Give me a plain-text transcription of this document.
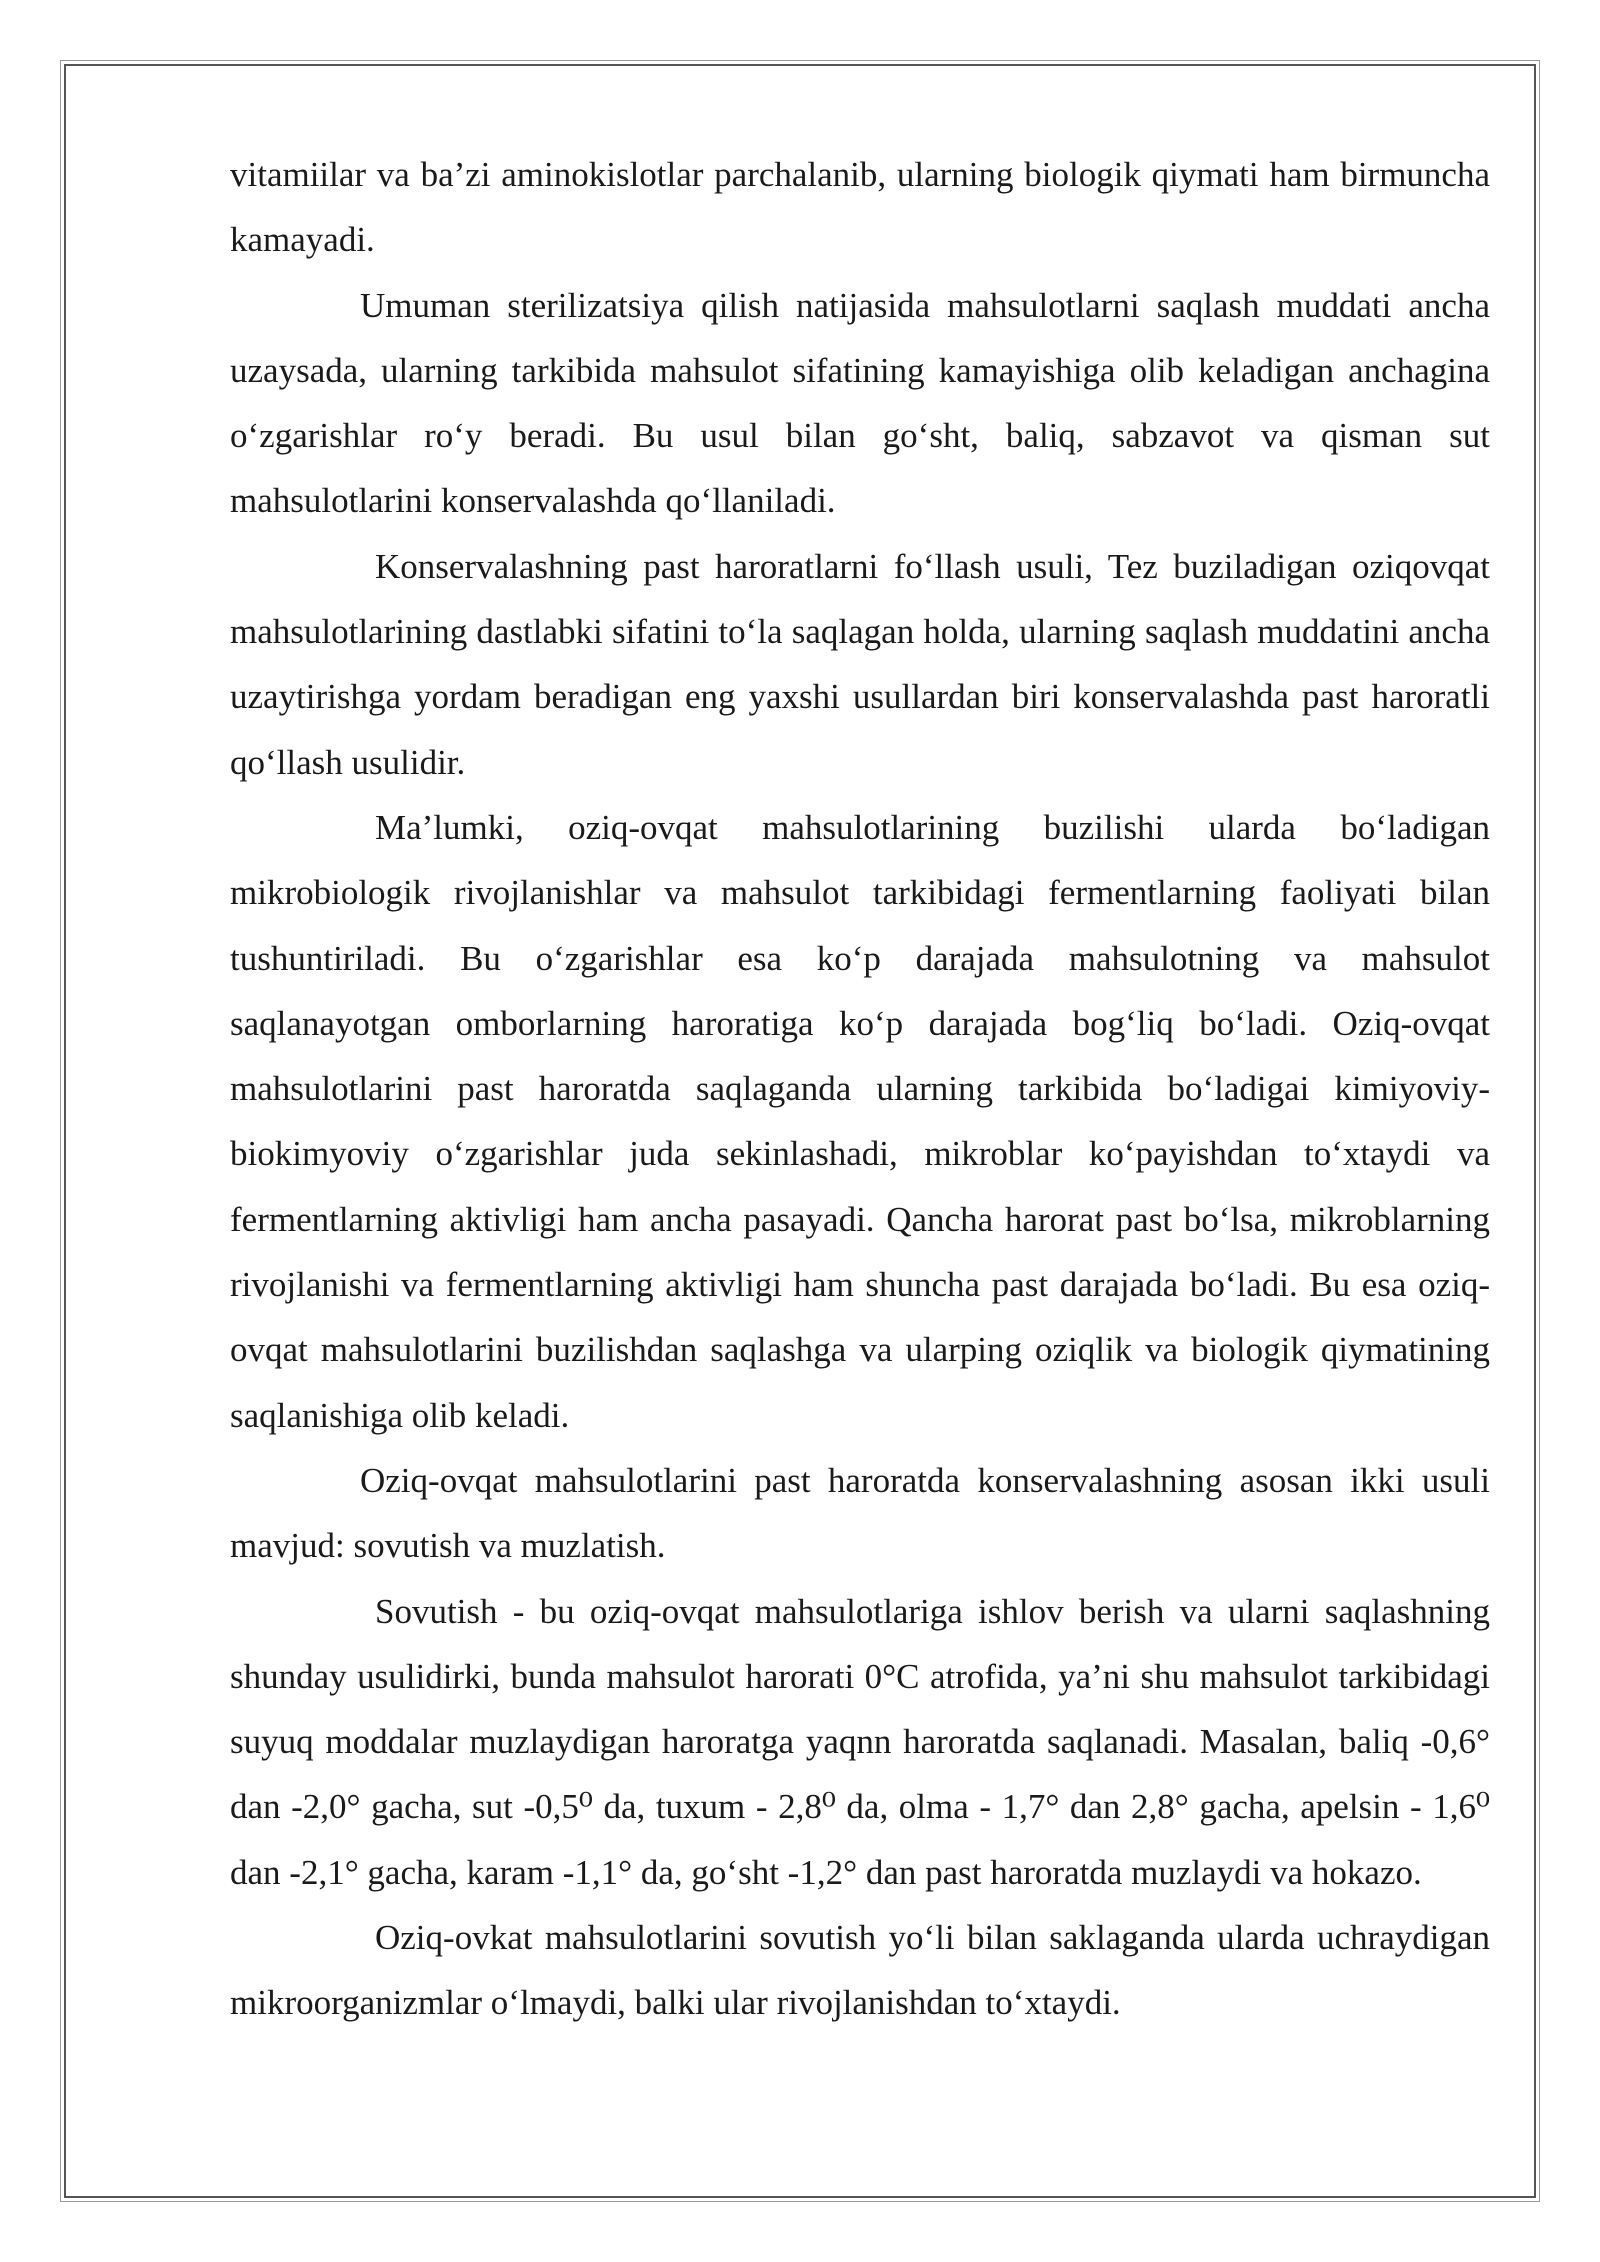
vitamiilar va ba’zi aminokislotlar parchalanib, ularning biologik qiymati ham birmuncha kamayadi.

Umuman sterilizatsiya qilish natijasida mahsulotlarni saqlash muddati ancha uzaysada, ularning tarkibida mahsulot sifatining kamayishiga olib keladigan anchagina o‘zgarishlar ro‘y beradi. Bu usul bilan go‘sht, baliq, sabzavot va qisman sut mahsulotlarini konservalashda qo‘llaniladi.

Konservalashning past haroratlarni fo‘llash usuli, Tez buziladigan oziqovqat mahsulotlarining dastlabki sifatini to‘la saqlagan holda, ularning saqlash muddatini ancha uzaytirishga yordam beradigan eng yaxshi usullardan biri konservalashda past haroratli qo‘llash usulidir.

Ma’lumki, oziq-ovqat mahsulotlarining buzilishi ularda bo‘ladigan mikrobiologik rivojlanishlar va mahsulot tarkibidagi fermentlarning faoliyati bilan tushuntiriladi. Bu o‘zgarishlar esa ko‘p darajada mahsulotning va mahsulot saqlanayotgan omborlarning haroratiga ko‘p darajada bog‘liq bo‘ladi. Oziq-ovqat mahsulotlarini past haroratda saqlaganda ularning tarkibida bo‘ladigai kimiyoviy-biokimyoviy o‘zgarishlar juda sekinlashadi, mikroblar ko‘payishdan to‘xtaydi va fermentlarning aktivligi ham ancha pasayadi. Qancha harorat past bo‘lsa, mikroblarning rivojlanishi va fermentlarning aktivligi ham shuncha past darajada bo‘ladi. Bu esa oziq-ovqat mahsulotlarini buzilishdan saqlashga va ularping oziqlik va biologik qiymatining saqlanishiga olib keladi.

Oziq-ovqat mahsulotlarini past haroratda konservalashning asosan ikki usuli mavjud: sovutish va muzlatish.

Sovutish - bu oziq-ovqat mahsulotlariga ishlov berish va ularni saqlashning shunday usulidirki, bunda mahsulot harorati 0°C atrofida, ya’ni shu mahsulot tarkibidagi suyuq moddalar muzlaydigan haroratga yaqnn haroratda saqlanadi. Masalan, baliq -0,6° dan -2,0° gacha, sut -0,5⁰ da, tuxum - 2,8⁰ da, olma - 1,7° dan 2,8° gacha, apelsin - 1,6⁰ dan -2,1° gacha, karam -1,1° da, go‘sht -1,2° dan past haroratda muzlaydi va hokazo.

Oziq-ovkat mahsulotlarini sovutish yo‘li bilan saklaganda ularda uchraydigan mikroorganizmlar o‘lmaydi, balki ular rivojlanishdan to‘xtaydi.
